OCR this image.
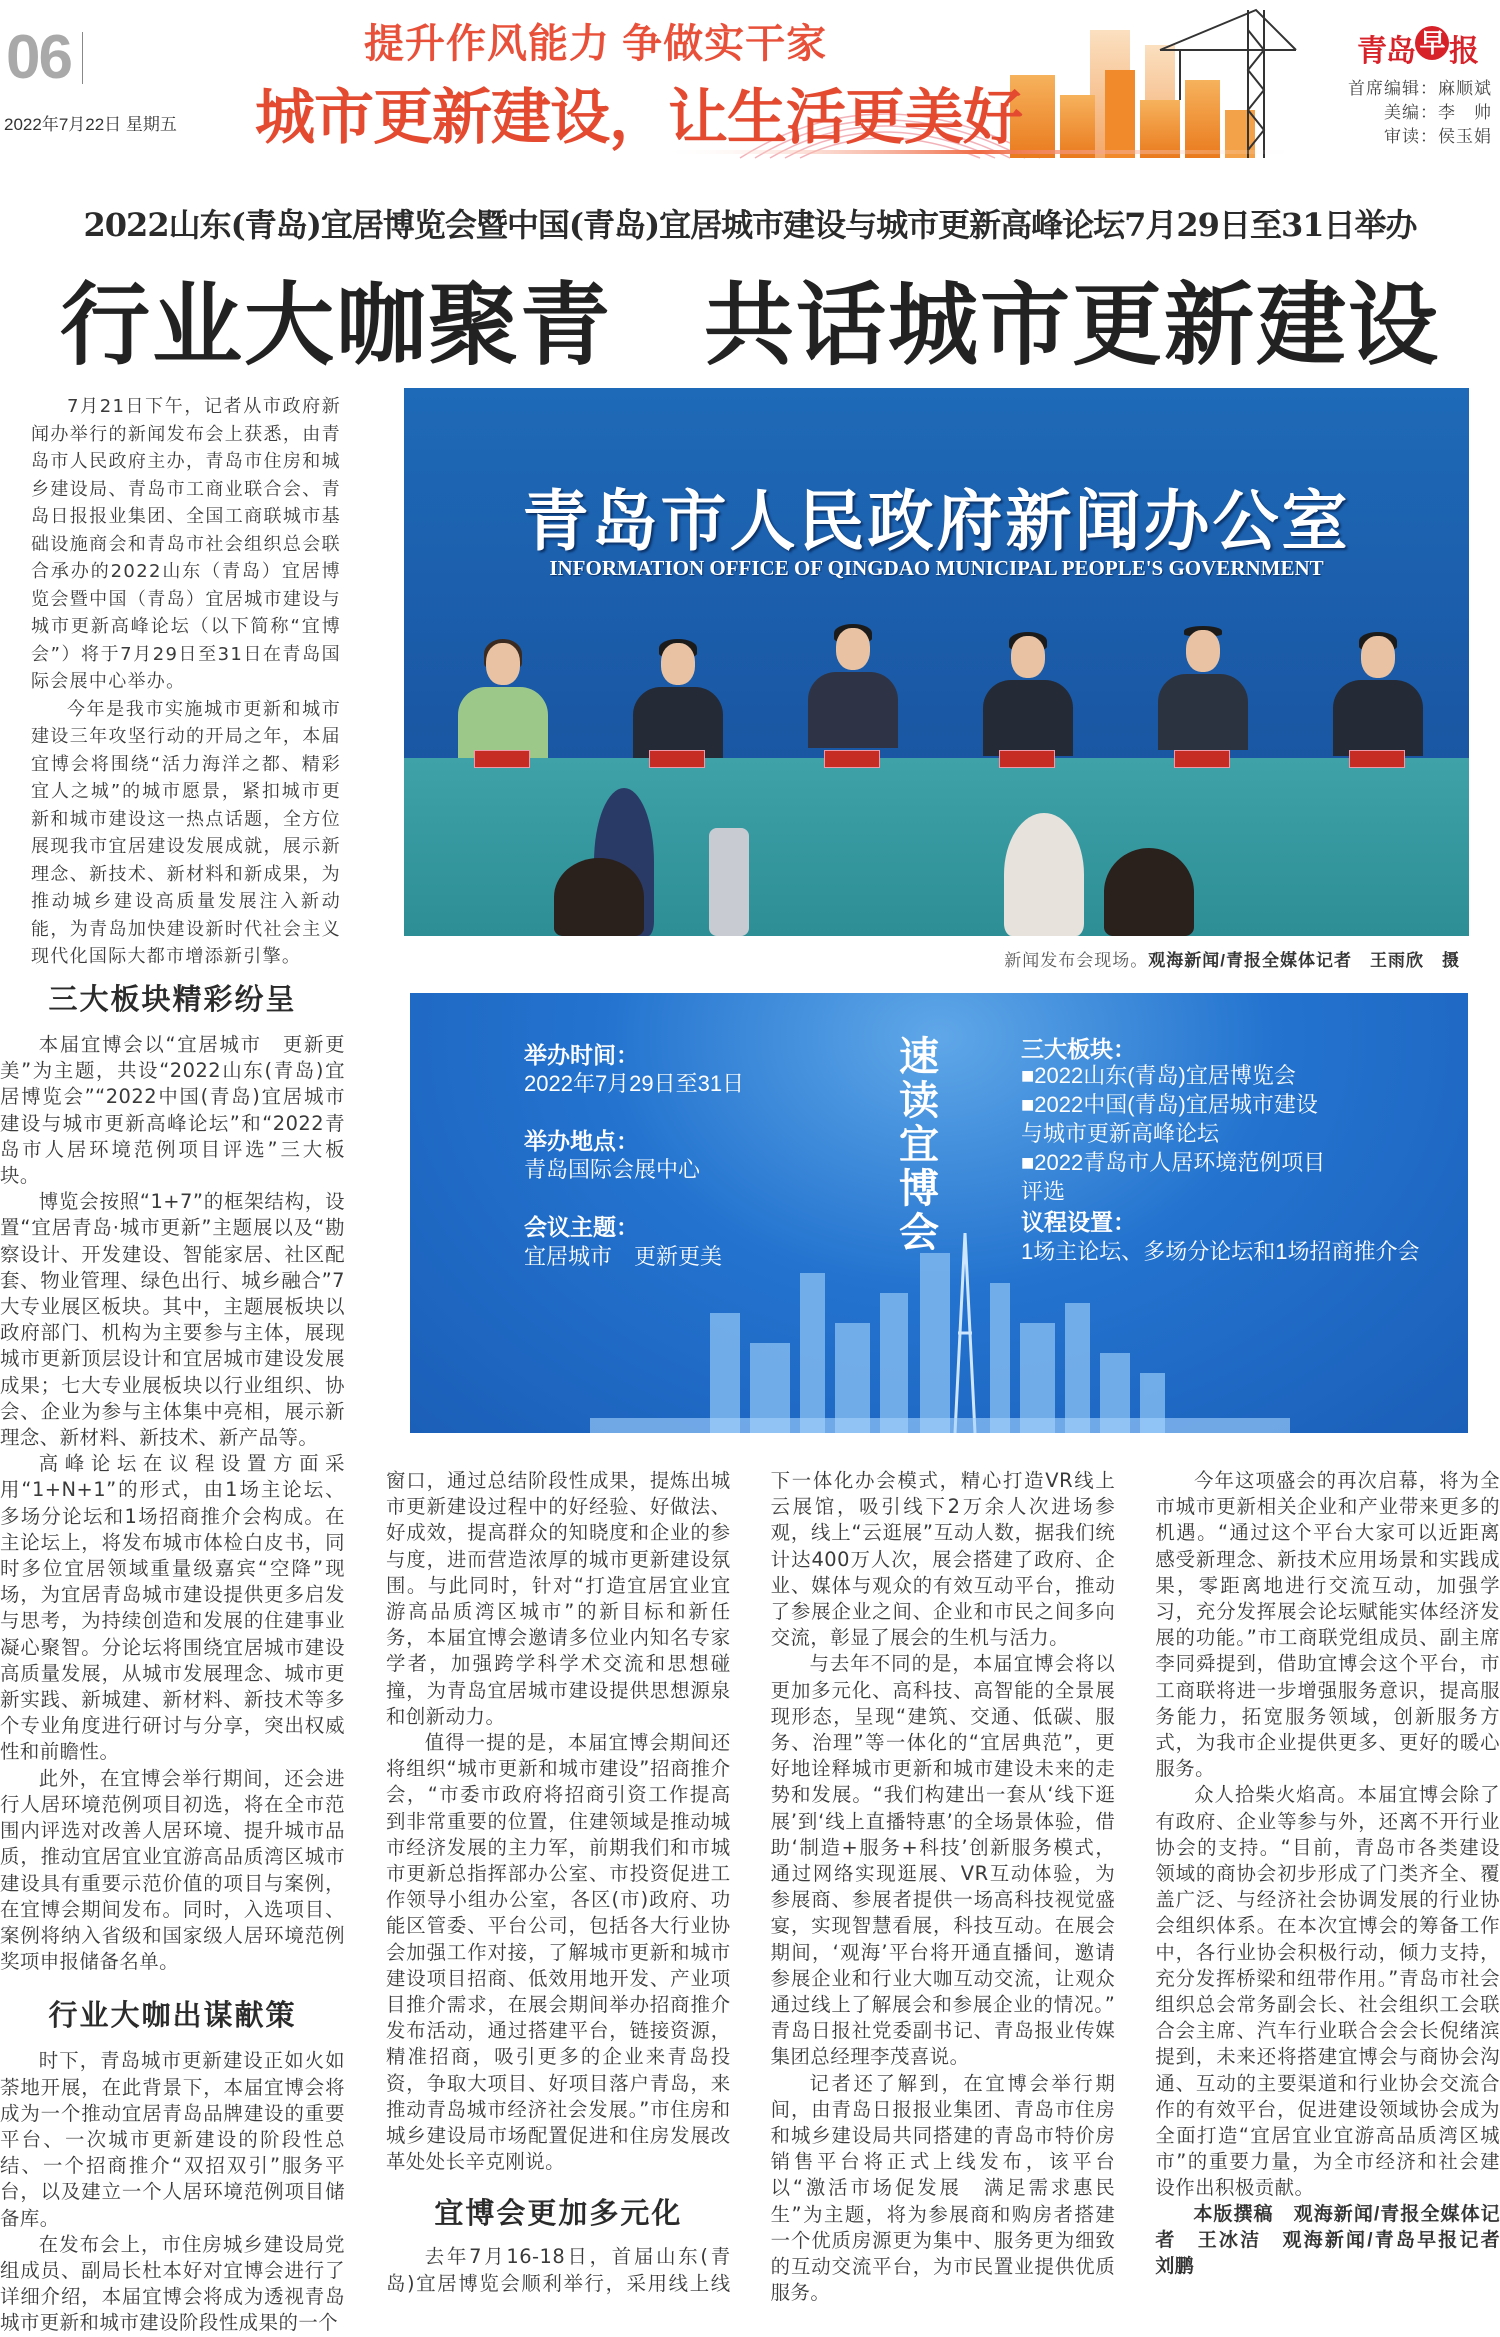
06
2022年7月22日 星期五
提升作风能力 争做实干家
城市更新建设，让生活更美好
青岛 早 报
首席编辑：麻顺斌
美编：李　帅
审读：侯玉娟
2022山东(青岛)宜居博览会暨中国(青岛)宜居城市建设与城市更新高峰论坛7月29日至31日举办
行业大咖聚青　共话城市更新建设

7月21日下午，记者从市政府新闻办举行的新闻发布会上获悉，由青岛市人民政府主办，青岛市住房和城乡建设局、青岛市工商业联合会、青岛日报报业集团、全国工商联城市基础设施商会和青岛市社会组织总会联合承办的2022山东（青岛）宜居博览会暨中国（青岛）宜居城市建设与城市更新高峰论坛（以下简称“宜博会”）将于7月29日至31日在青岛国际会展中心举办。

今年是我市实施城市更新和城市建设三年攻坚行动的开局之年，本届宜博会将围绕“活力海洋之都、精彩宜人之城”的城市愿景，紧扣城市更新和城市建设这一热点话题，全方位展现我市宜居建设发展成就，展示新理念、新技术、新材料和新成果，为推动城乡建设高质量发展注入新动能，为青岛加快建设新时代社会主义现代化国际大都市增添新引擎。

青岛市人民政府新闻办公室
INFORMATION OFFICE OF QINGDAO MUNICIPAL PEOPLE'S GOVERNMENT
新闻发布会现场。观海新闻/青报全媒体记者　王雨欣　摄
举办时间：
2022年7月29日至31日
举办地点：
青岛国际会展中心
会议主题：
宜居城市　更新更美
速读宜博会
三大板块：
■2022山东(青岛)宜居博览会
■2022中国(青岛)宜居城市建设与城市更新高峰论坛
■2022青岛市人居环境范例项目评选
议程设置：
1场主论坛、多场分论坛和1场招商推介会
三大板块精彩纷呈

本届宜博会以“宜居城市　更新更美”为主题，共设“2022山东(青岛)宜居博览会”“2022中国(青岛)宜居城市建设与城市更新高峰论坛”和“2022青岛市人居环境范例项目评选”三大板块。

博览会按照“1+7”的框架结构，设置“宜居青岛·城市更新”主题展以及“勘察设计、开发建设、智能家居、社区配套、物业管理、绿色出行、城乡融合”7大专业展区板块。其中，主题展板块以政府部门、机构为主要参与主体，展现城市更新顶层设计和宜居城市建设发展成果；七大专业展板块以行业组织、协会、企业为参与主体集中亮相，展示新理念、新材料、新技术、新产品等。

高峰论坛在议程设置方面采用“1+N+1”的形式，由1场主论坛、多场分论坛和1场招商推介会构成。在主论坛上，将发布城市体检白皮书，同时多位宜居领域重量级嘉宾“空降”现场，为宜居青岛城市建设提供更多启发与思考，为持续创造和发展的住建事业凝心聚智。分论坛将围绕宜居城市建设高质量发展，从城市发展理念、城市更新实践、新城建、新材料、新技术等多个专业角度进行研讨与分享，突出权威性和前瞻性。

此外，在宜博会举行期间，还会进行人居环境范例项目初选，将在全市范围内评选对改善人居环境、提升城市品质，推动宜居宜业宜游高品质湾区城市建设具有重要示范价值的项目与案例，在宜博会期间发布。同时，入选项目、案例将纳入省级和国家级人居环境范例奖项申报储备名单。

行业大咖出谋献策

时下，青岛城市更新建设正如火如荼地开展，在此背景下，本届宜博会将成为一个推动宜居青岛品牌建设的重要平台、一次城市更新建设的阶段性总结、一个招商推介“双招双引”服务平台，以及建立一个人居环境范例项目储备库。

在发布会上，市住房城乡建设局党组成员、副局长杜本好对宜博会进行了详细介绍，本届宜博会将成为透视青岛城市更新和城市建设阶段性成果的一个

窗口，通过总结阶段性成果，提炼出城市更新建设过程中的好经验、好做法、好成效，提高群众的知晓度和企业的参与度，进而营造浓厚的城市更新建设氛围。与此同时，针对“打造宜居宜业宜游高品质湾区城市”的新目标和新任务，本届宜博会邀请多位业内知名专家学者，加强跨学科学术交流和思想碰撞，为青岛宜居城市建设提供思想源泉和创新动力。

值得一提的是，本届宜博会期间还将组织“城市更新和城市建设”招商推介会，“市委市政府将招商引资工作提高到非常重要的位置，住建领域是推动城市经济发展的主力军，前期我们和市城市更新总指挥部办公室、市投资促进工作领导小组办公室，各区(市)政府、功能区管委、平台公司，包括各大行业协会加强工作对接，了解城市更新和城市建设项目招商、低效用地开发、产业项目推介需求，在展会期间举办招商推介发布活动，通过搭建平台，链接资源，精准招商，吸引更多的企业来青岛投资，争取大项目、好项目落户青岛，来推动青岛城市经济社会发展。”市住房和城乡建设局市场配置促进和住房发展改革处处长辛克刚说。

宜博会更加多元化

去年7月16-18日，首届山东(青岛)宜居博览会顺利举行，采用线上线下一体化办会模式，精心打造VR线上云展馆，吸引线下2万余人次进场参观，线上“云逛展”互动人数，据我们统计达400万人次，展会搭建了政府、企业、媒体与观众的有效互动平台，推动了参展企业之间、企业和市民之间多向交流，彰显了展会的生机与活力。

与去年不同的是，本届宜博会将以更加多元化、高科技、高智能的全景展现形态，呈现“建筑、交通、低碳、服务、治理”等一体化的“宜居典范”，更好地诠释城市更新和城市建设未来的走势和发展。“我们构建出一套从‘线下逛展’到‘线上直播特惠’的全场景体验，借助‘制造+服务+科技’创新服务模式，通过网络实现逛展、VR互动体验，为参展商、参展者提供一场高科技视觉盛宴，实现智慧看展，科技互动。在展会期间，‘观海’平台将开通直播间，邀请参展企业和行业大咖互动交流，让观众通过线上了解展会和参展企业的情况。” 青岛日报社党委副书记、青岛报业传媒集团总经理李茂喜说。

记者还了解到，在宜博会举行期间，由青岛日报报业集团、青岛市住房和城乡建设局共同搭建的青岛市特价房销售平台将正式上线发布，该平台以“激活市场促发展　满足需求惠民生”为主题，将为参展商和购房者搭建一个优质房源更为集中、服务更为细致的互动交流平台，为市民置业提供优质服务。

今年这项盛会的再次启幕，将为全市城市更新相关企业和产业带来更多的机遇。“通过这个平台大家可以近距离感受新理念、新技术应用场景和实践成果，零距离地进行交流互动，加强学习，充分发挥展会论坛赋能实体经济发展的功能。”市工商联党组成员、副主席李同舜提到，借助宜博会这个平台，市工商联将进一步增强服务意识，提高服务能力，拓宽服务领域，创新服务方式，为我市企业提供更多、更好的暖心服务。

众人拾柴火焰高。本届宜博会除了有政府、企业等参与外，还离不开行业协会的支持。“目前，青岛市各类建设领域的商协会初步形成了门类齐全、覆盖广泛、与经济社会协调发展的行业协会组织体系。在本次宜博会的筹备工作中，各行业协会积极行动，倾力支持，充分发挥桥梁和纽带作用。”青岛市社会组织总会常务副会长、社会组织工会联合会主席、汽车行业联合会会长倪绪滨提到，未来还将搭建宜博会与商协会沟通、互动的主要渠道和行业协会交流合作的有效平台，促进建设领域协会成为全面打造“宜居宜业宜游高品质湾区城市”的重要力量，为全市经济和社会建设作出积极贡献。

本版撰稿　观海新闻/青报全媒体记者　王冰洁　观海新闻/青岛早报记者　刘鹏
